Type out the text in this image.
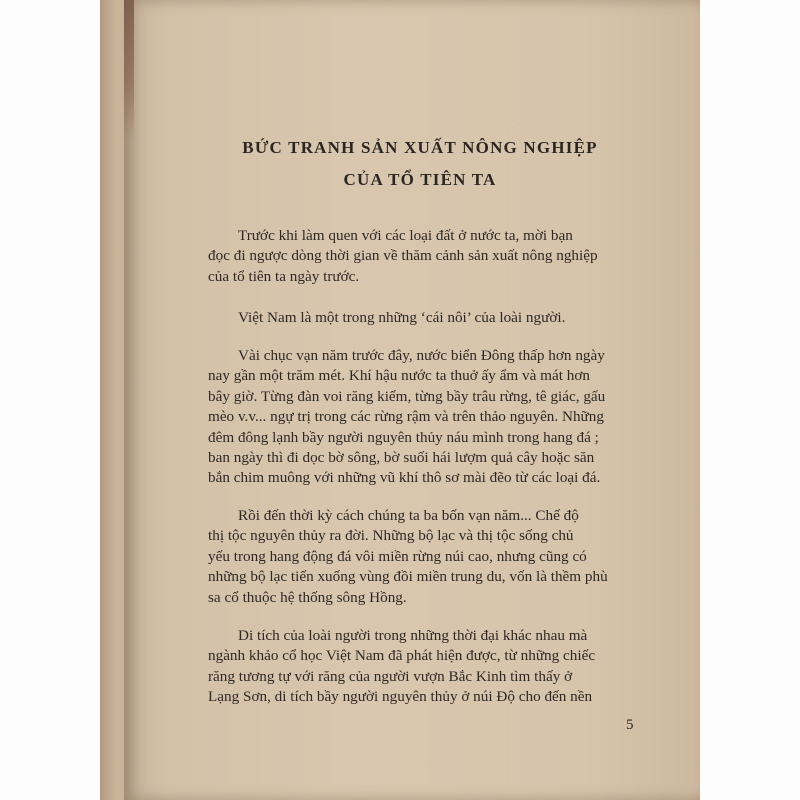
BỨC TRANH SẢN XUẤT NÔNG NGHIỆP
CỦA TỔ TIÊN TA

Trước khi làm quen với các loại đất ở nước ta, mời bạn
đọc đi ngược dòng thời gian về thăm cảnh sản xuất nông nghiệp
của tổ tiên ta ngày trước.

Việt Nam là một trong những ‘cái nôi’ của loài người.

Vài chục vạn năm trước đây, nước biển Đông thấp hơn ngày
nay gần một trăm mét. Khí hậu nước ta thuở ấy ẩm và mát hơn
bây giờ. Từng đàn voi răng kiếm, từng bầy trâu rừng, tê giác, gấu
mèo v.v... ngự trị trong các rừng rậm và trên thảo nguyên. Những
đêm đông lạnh bầy người nguyên thủy náu mình trong hang đá ;
ban ngày thì đi dọc bờ sông, bờ suối hái lượm quả cây hoặc săn
bắn chim muông với những vũ khí thô sơ mài đẽo từ các loại đá.

Rồi đến thời kỳ cách chúng ta ba bốn vạn năm... Chế độ
thị tộc nguyên thủy ra đời. Những bộ lạc và thị tộc sống chủ
yếu trong hang động đá vôi miền rừng núi cao, nhưng cũng có
những bộ lạc tiến xuống vùng đồi miền trung du, vốn là thềm phù
sa cổ thuộc hệ thống sông Hồng.

Di tích của loài người trong những thời đại khác nhau mà
ngành khảo cổ học Việt Nam đã phát hiện được, từ những chiếc
răng tương tự với răng của người vượn Bắc Kinh tìm thấy ở
Lạng Sơn, di tích bầy người nguyên thủy ở núi Độ cho đến nền

5
